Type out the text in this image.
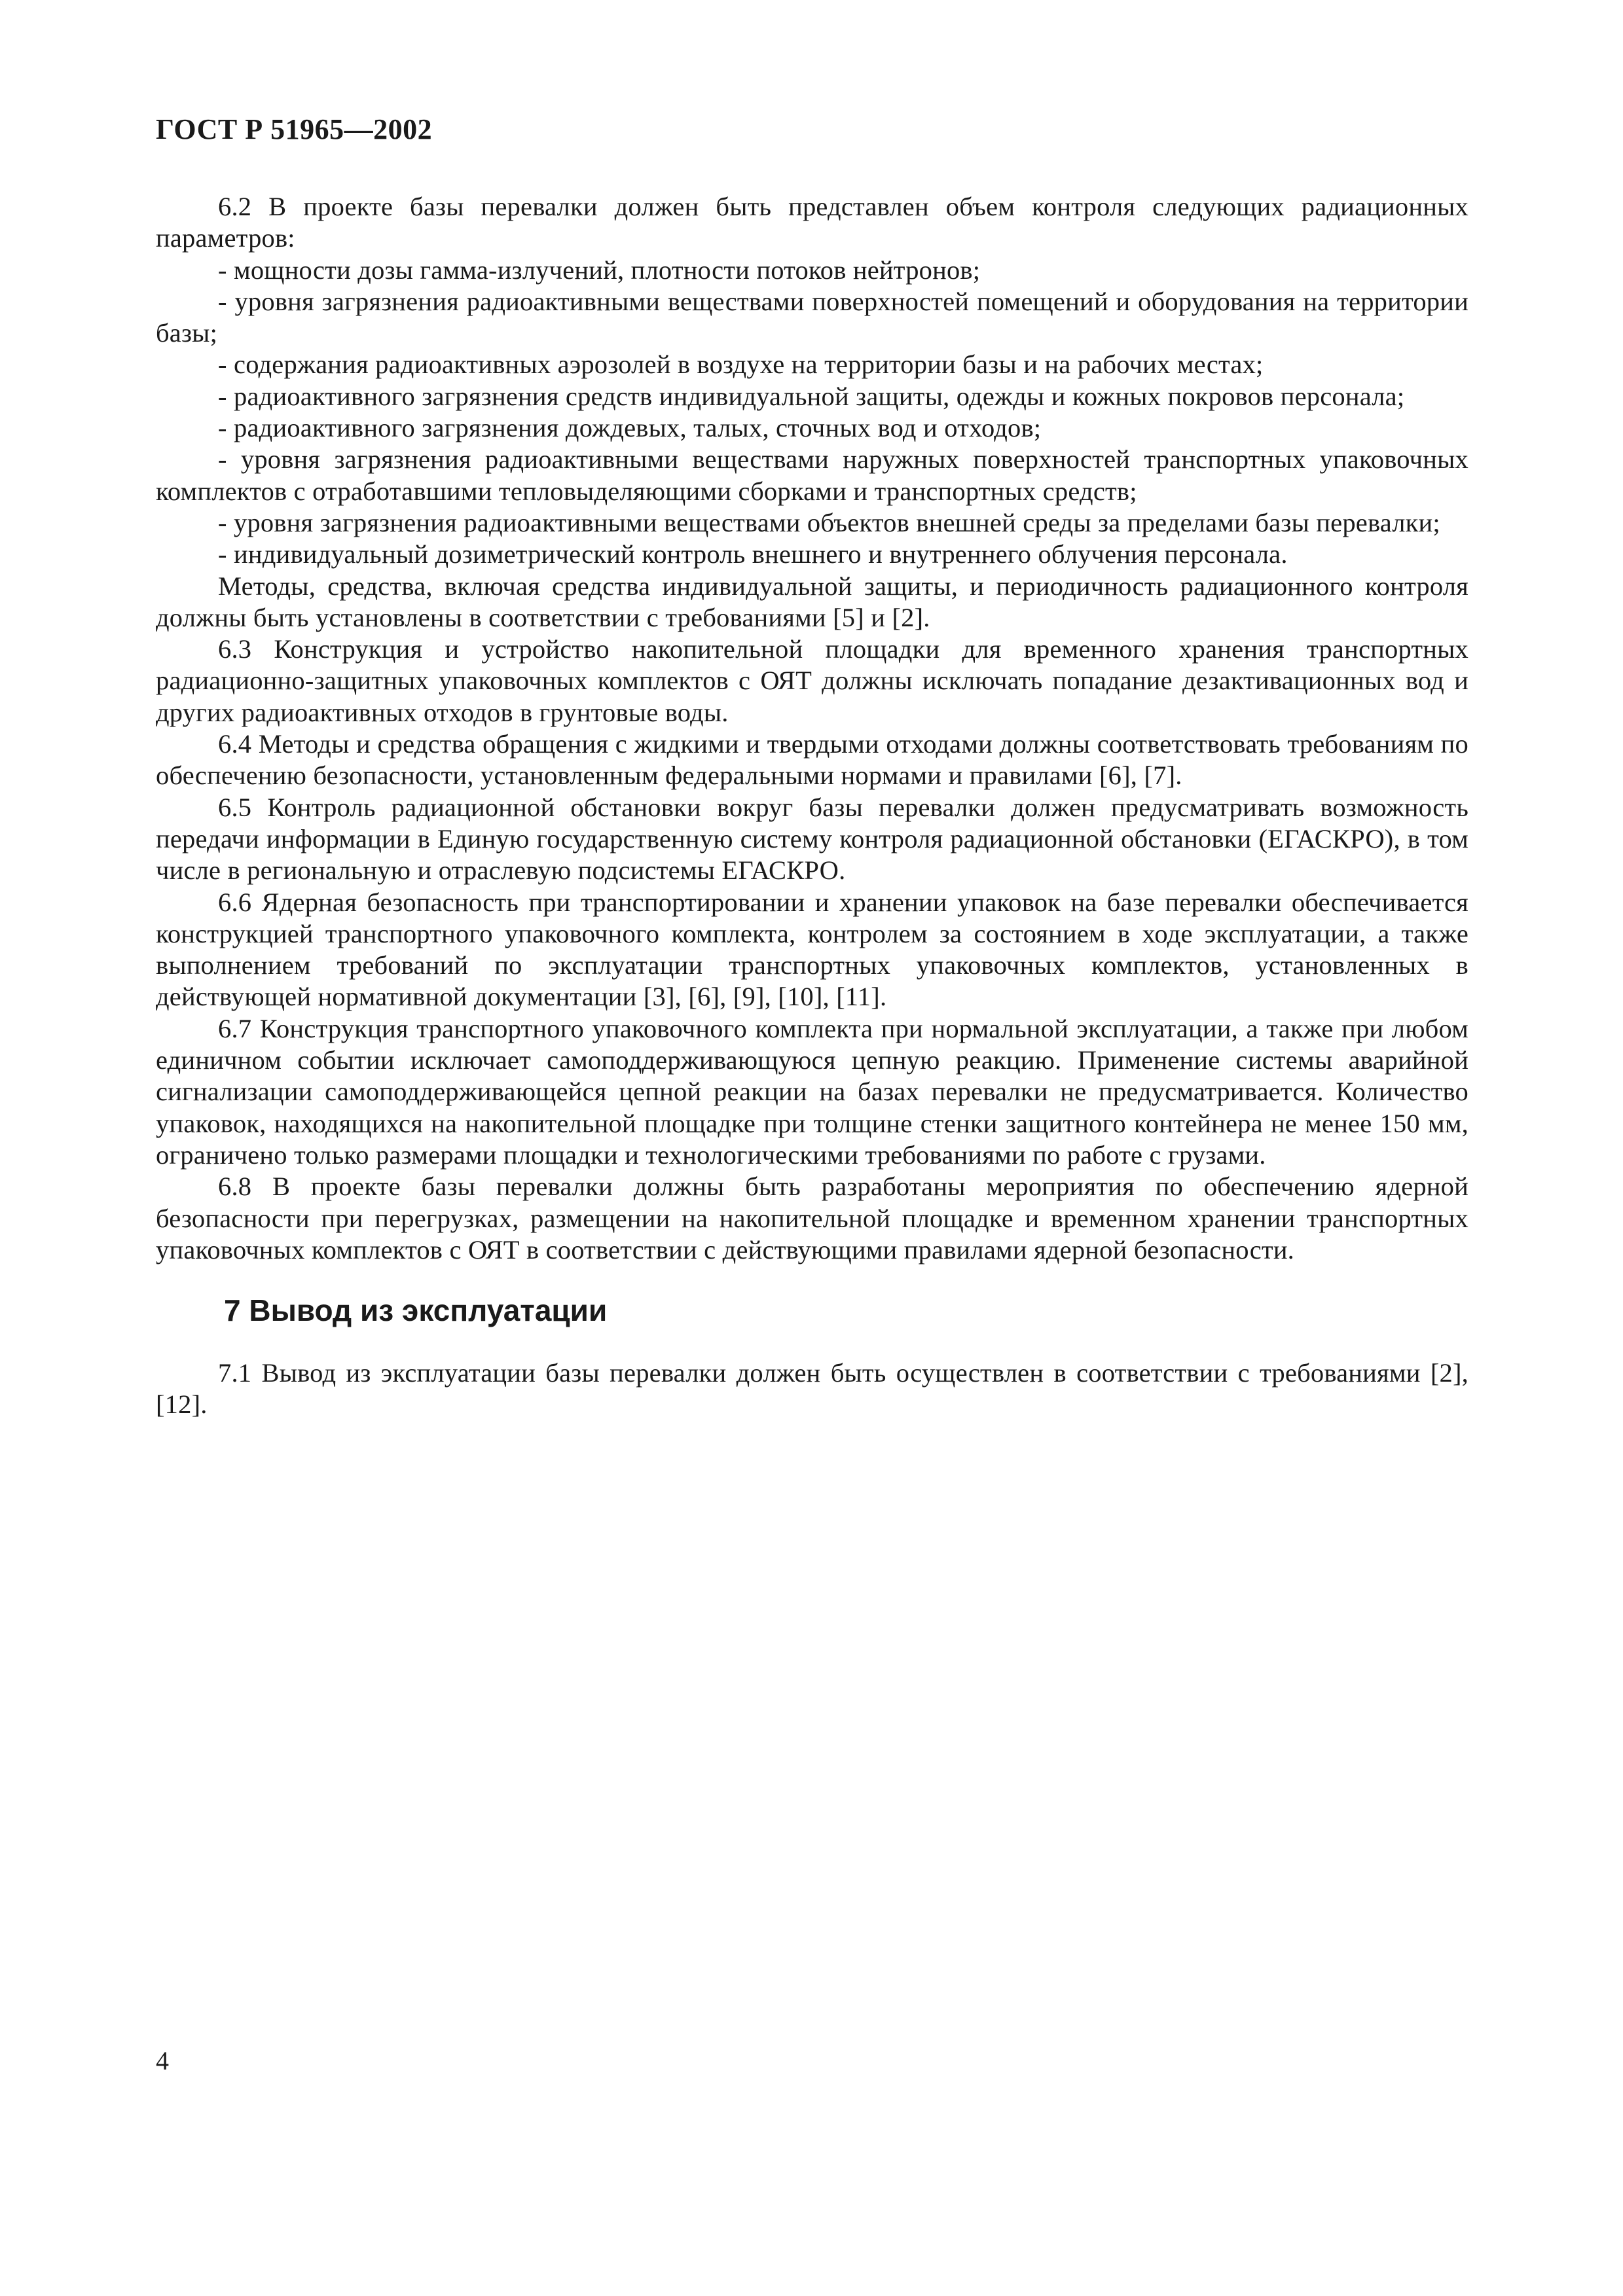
ГОСТ Р 51965—2002

6.2 В проекте базы перевалки должен быть представлен объем контроля следующих радиационных параметров:

- мощности дозы гамма-излучений, плотности потоков нейтронов;

- уровня загрязнения радиоактивными веществами поверхностей помещений и оборудования на территории базы;

- содержания радиоактивных аэрозолей в воздухе на территории базы и на рабочих местах;

- радиоактивного загрязнения средств индивидуальной защиты, одежды и кожных покровов персонала;

- радиоактивного загрязнения дождевых, талых, сточных вод и отходов;

- уровня загрязнения радиоактивными веществами наружных поверхностей транспортных упаковочных комплектов с отработавшими тепловыделяющими сборками и транспортных средств;

- уровня загрязнения радиоактивными веществами объектов внешней среды за пределами базы перевалки;

- индивидуальный дозиметрический контроль внешнего и внутреннего облучения персонала.

Методы, средства, включая средства индивидуальной защиты, и периодичность радиационного контроля должны быть установлены в соответствии с требованиями [5] и [2].

6.3 Конструкция и устройство накопительной площадки для временного хранения транспортных радиационно-защитных упаковочных комплектов с ОЯТ должны исключать попадание дезактивационных вод и других радиоактивных отходов в грунтовые воды.

6.4 Методы и средства обращения с жидкими и твердыми отходами должны соответствовать требованиям по обеспечению безопасности, установленным федеральными нормами и правилами [6], [7].

6.5 Контроль радиационной обстановки вокруг базы перевалки должен предусматривать возможность передачи информации в Единую государственную систему контроля радиационной обстановки (ЕГАСКРО), в том числе в региональную и отраслевую подсистемы ЕГАСКРО.

6.6 Ядерная безопасность при транспортировании и хранении упаковок на базе перевалки обеспечивается конструкцией транспортного упаковочного комплекта, контролем за состоянием в ходе эксплуатации, а также выполнением требований по эксплуатации транспортных упаковочных комплектов, установленных в действующей нормативной документации [3], [6], [9], [10], [11].

6.7 Конструкция транспортного упаковочного комплекта при нормальной эксплуатации, а также при любом единичном событии исключает самоподдерживающуюся цепную реакцию. Применение системы аварийной сигнализации самоподдерживающейся цепной реакции на базах перевалки не предусматривается. Количество упаковок, находящихся на накопительной площадке при толщине стенки защитного контейнера не менее 150 мм, ограничено только размерами площадки и технологическими требованиями по работе с грузами.

6.8 В проекте базы перевалки должны быть разработаны мероприятия по обеспечению ядерной безопасности при перегрузках, размещении на накопительной площадке и временном хранении транспортных упаковочных комплектов с ОЯТ в соответствии с действующими правилами ядерной безопасности.

7 Вывод из эксплуатации

7.1 Вывод из эксплуатации базы перевалки должен быть осуществлен в соответствии с требованиями [2], [12].

4
